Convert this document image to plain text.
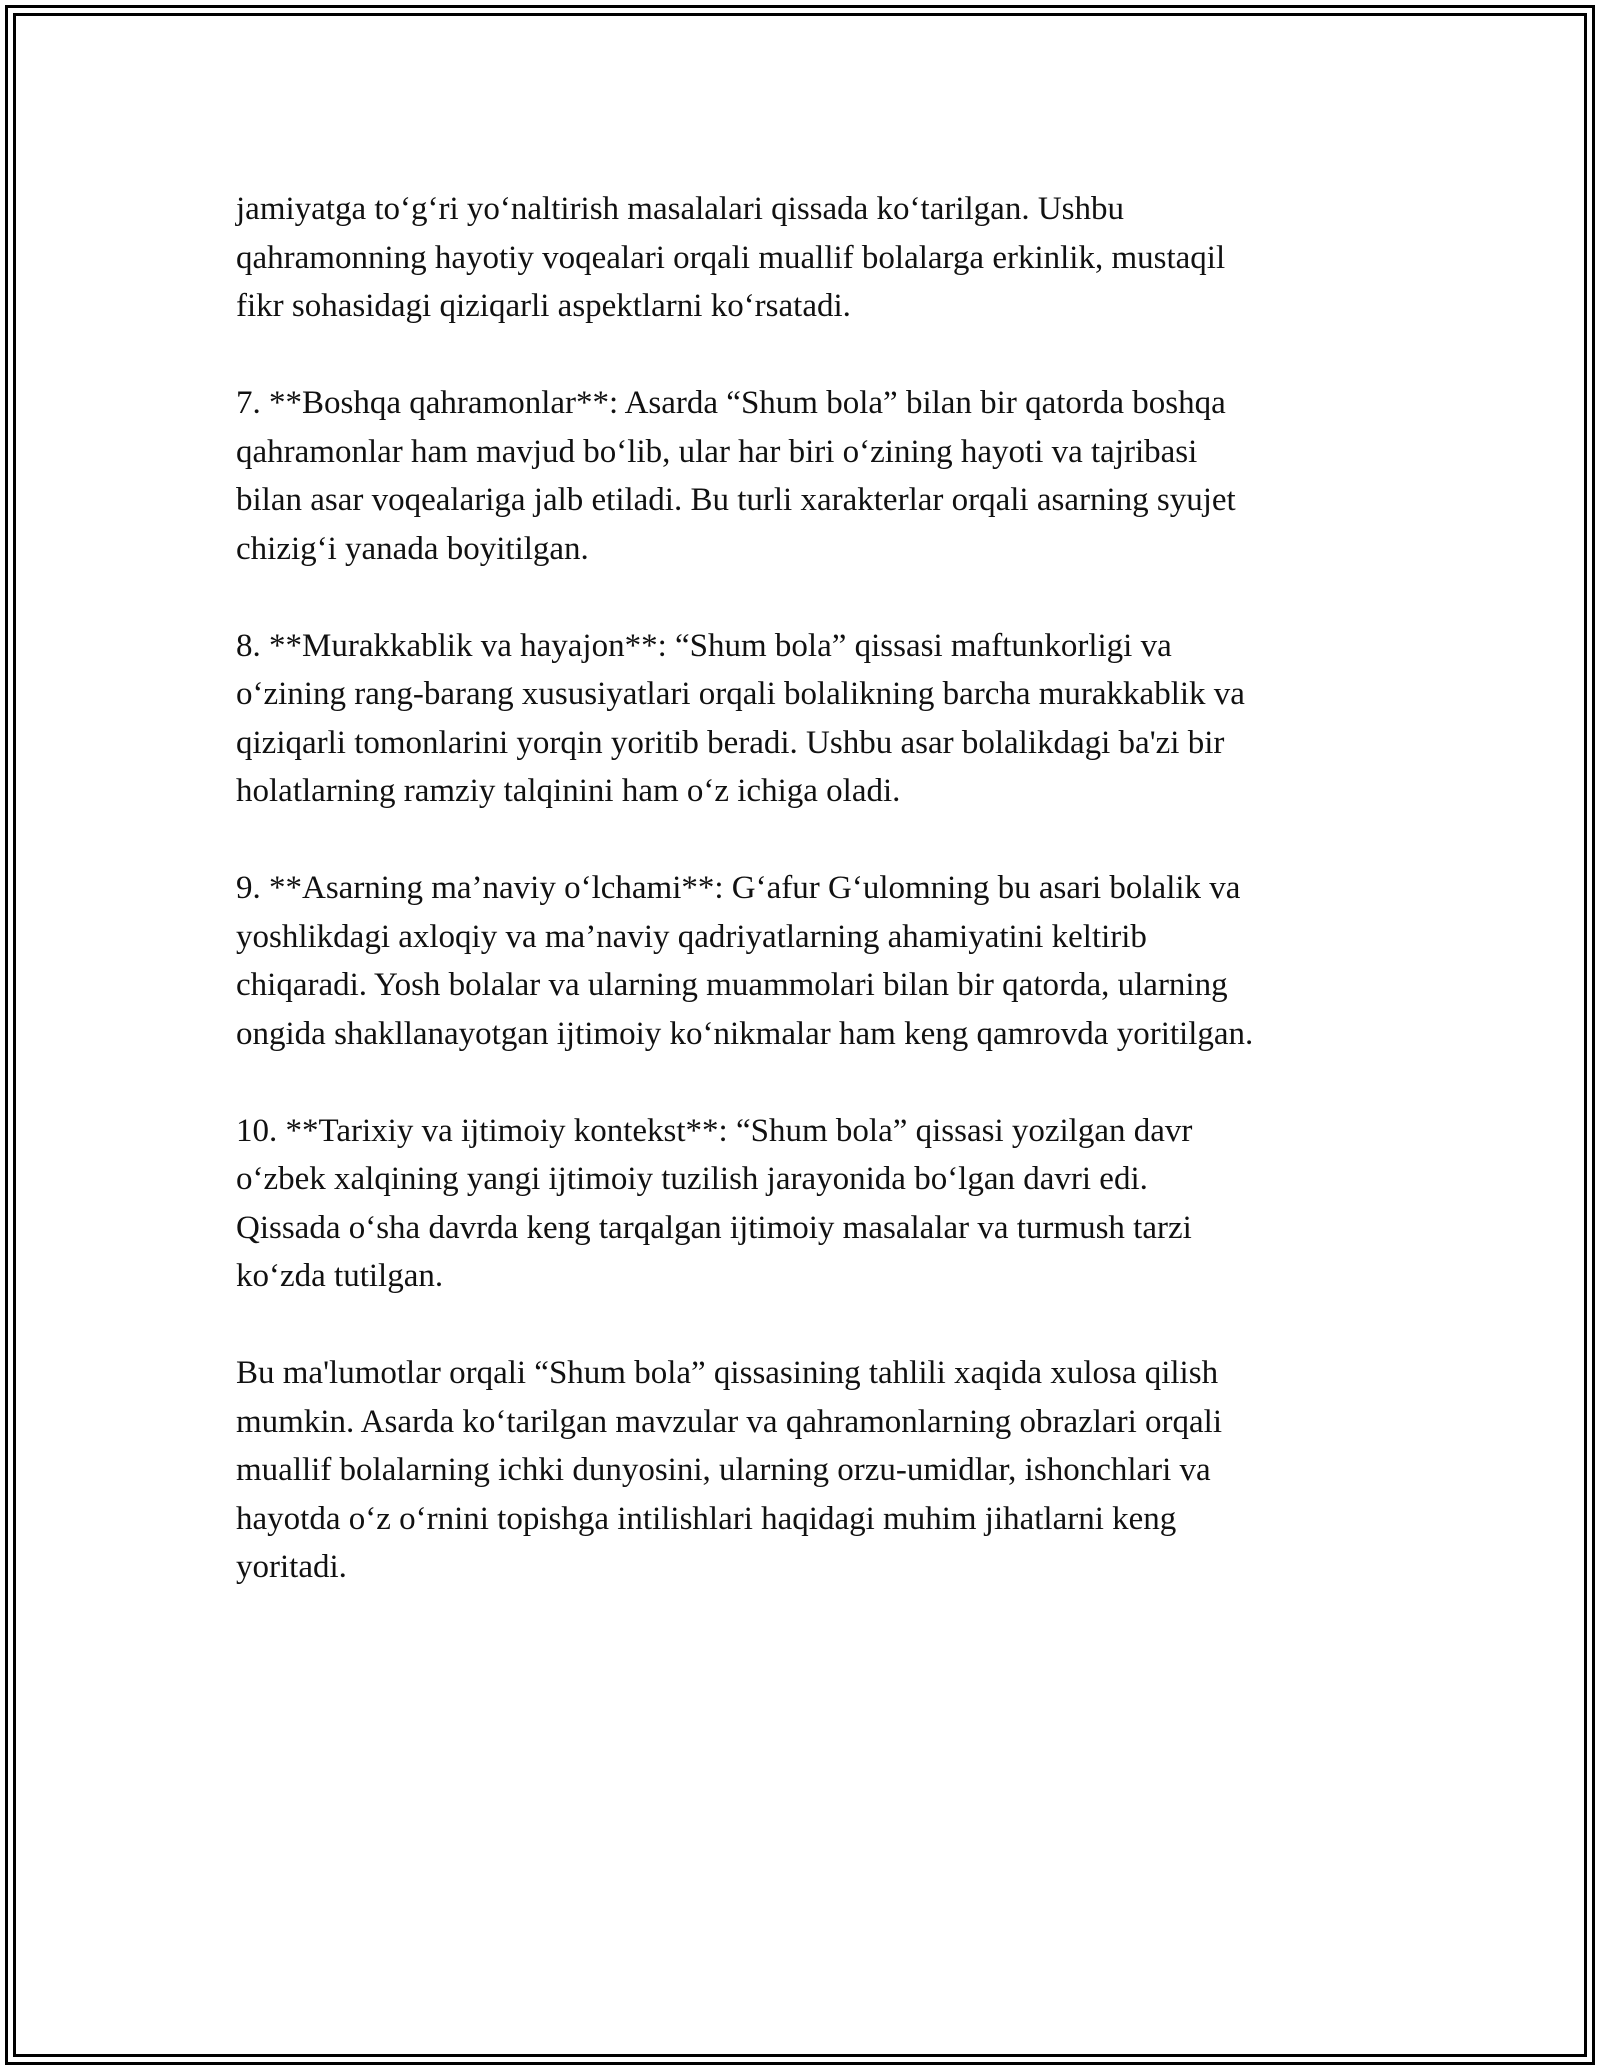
jamiyatga to‘g‘ri yo‘naltirish masalalari qissada ko‘tarilgan. Ushbu
qahramonning hayotiy voqealari orqali muallif bolalarga erkinlik, mustaqil
fikr sohasidagi qiziqarli aspektlarni ko‘rsatadi.

7. **Boshqa qahramonlar**: Asarda “Shum bola” bilan bir qatorda boshqa
qahramonlar ham mavjud bo‘lib, ular har biri o‘zining hayoti va tajribasi
bilan asar voqealariga jalb etiladi. Bu turli xarakterlar orqali asarning syujet
chizig‘i yanada boyitilgan.

8. **Murakkablik va hayajon**: “Shum bola” qissasi maftunkorligi va
o‘zining rang-barang xususiyatlari orqali bolalikning barcha murakkablik va
qiziqarli tomonlarini yorqin yoritib beradi. Ushbu asar bolalikdagi ba'zi bir
holatlarning ramziy talqinini ham o‘z ichiga oladi.

9. **Asarning ma’naviy o‘lchami**: G‘afur G‘ulomning bu asari bolalik va
yoshlikdagi axloqiy va ma’naviy qadriyatlarning ahamiyatini keltirib
chiqaradi. Yosh bolalar va ularning muammolari bilan bir qatorda, ularning
ongida shakllanayotgan ijtimoiy ko‘nikmalar ham keng qamrovda yoritilgan.

10. **Tarixiy va ijtimoiy kontekst**: “Shum bola” qissasi yozilgan davr
o‘zbek xalqining yangi ijtimoiy tuzilish jarayonida bo‘lgan davri edi.
Qissada o‘sha davrda keng tarqalgan ijtimoiy masalalar va turmush tarzi
ko‘zda tutilgan.

Bu ma'lumotlar orqali “Shum bola” qissasining tahlili xaqida xulosa qilish
mumkin. Asarda ko‘tarilgan mavzular va qahramonlarning obrazlari orqali
muallif bolalarning ichki dunyosini, ularning orzu-umidlar, ishonchlari va
hayotda o‘z o‘rnini topishga intilishlari haqidagi muhim jihatlarni keng
yoritadi.
